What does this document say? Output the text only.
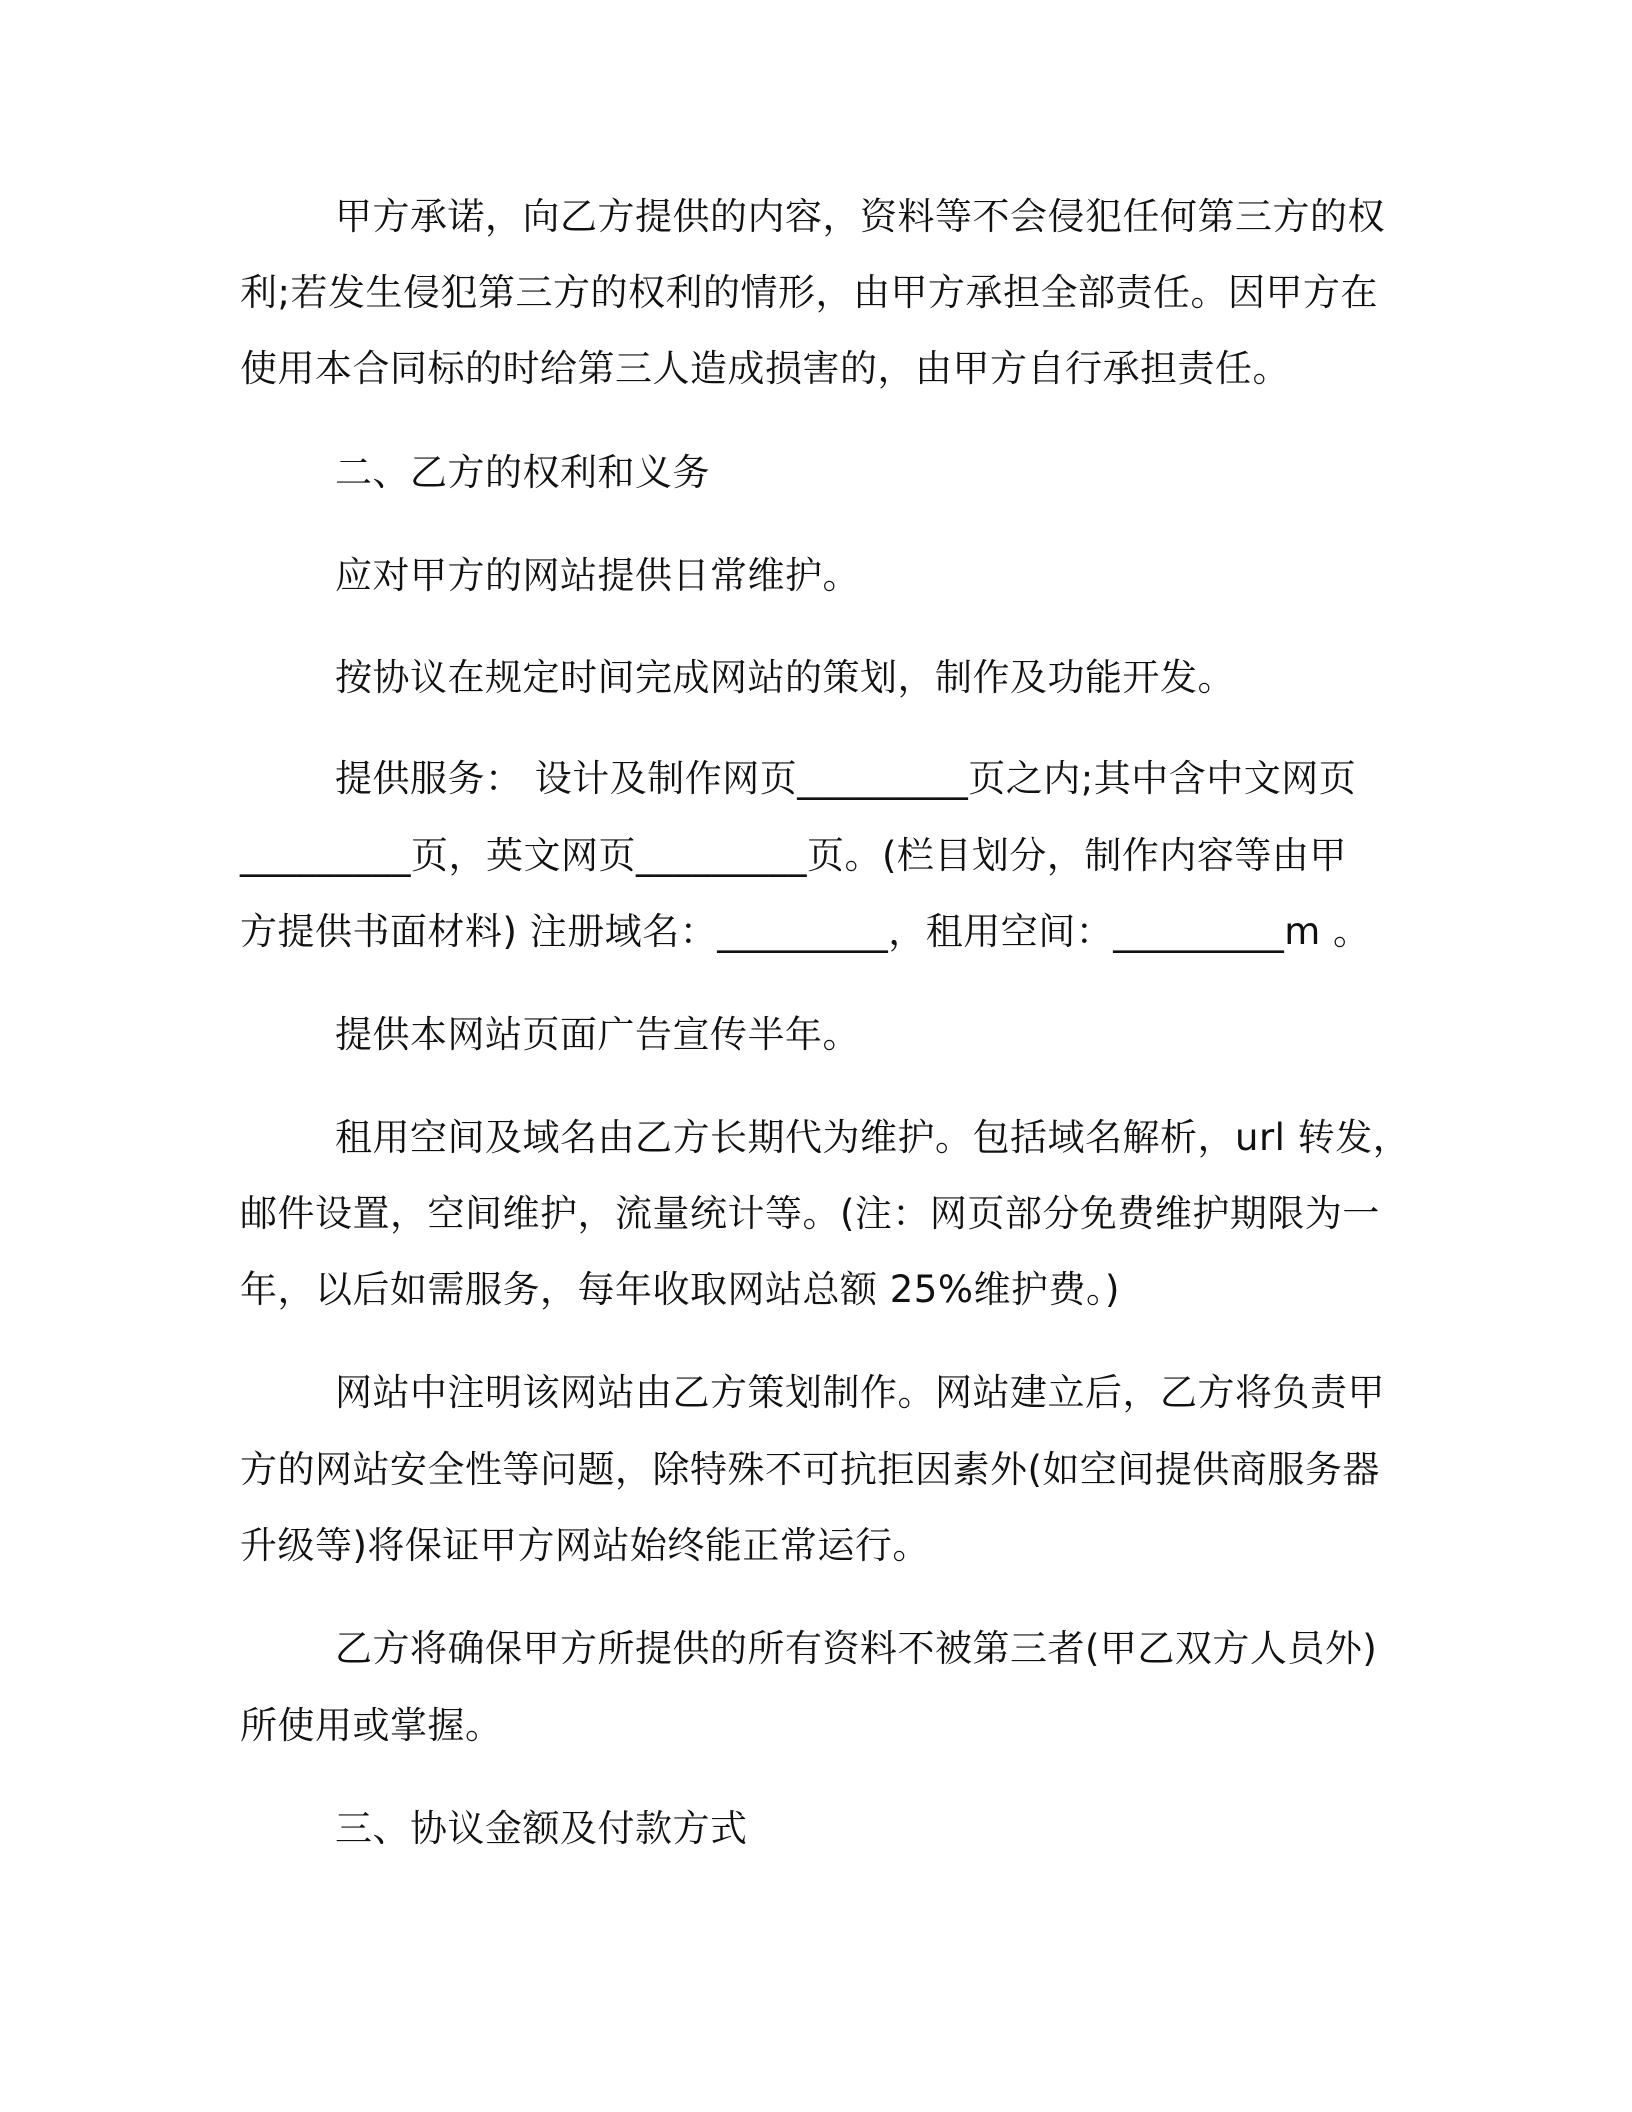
甲方承诺，向乙方提供的内容，资料等不会侵犯任何第三方的权
利;若发生侵犯第三方的权利的情形，由甲方承担全部责任。因甲方在
使用本合同标的时给第三人造成损害的，由甲方自行承担责任。
二、乙方的权利和义务
应对甲方的网站提供日常维护。
按协议在规定时间完成网站的策划，制作及功能开发。
提供服务： 设计及制作网页_________页之内;其中含中文网页
_________页，英文网页_________页。(栏目划分，制作内容等由甲
方提供书面材料) 注册域名：_________，租用空间：_________m 。
提供本网站页面广告宣传半年。
租用空间及域名由乙方长期代为维护。包括域名解析，url 转发，
邮件设置，空间维护，流量统计等。(注：网页部分免费维护期限为一
年，以后如需服务，每年收取网站总额 25%维护费。)
网站中注明该网站由乙方策划制作。网站建立后，乙方将负责甲
方的网站安全性等问题，除特殊不可抗拒因素外(如空间提供商服务器
升级等)将保证甲方网站始终能正常运行。
乙方将确保甲方所提供的所有资料不被第三者(甲乙双方人员外)
所使用或掌握。
三、协议金额及付款方式
